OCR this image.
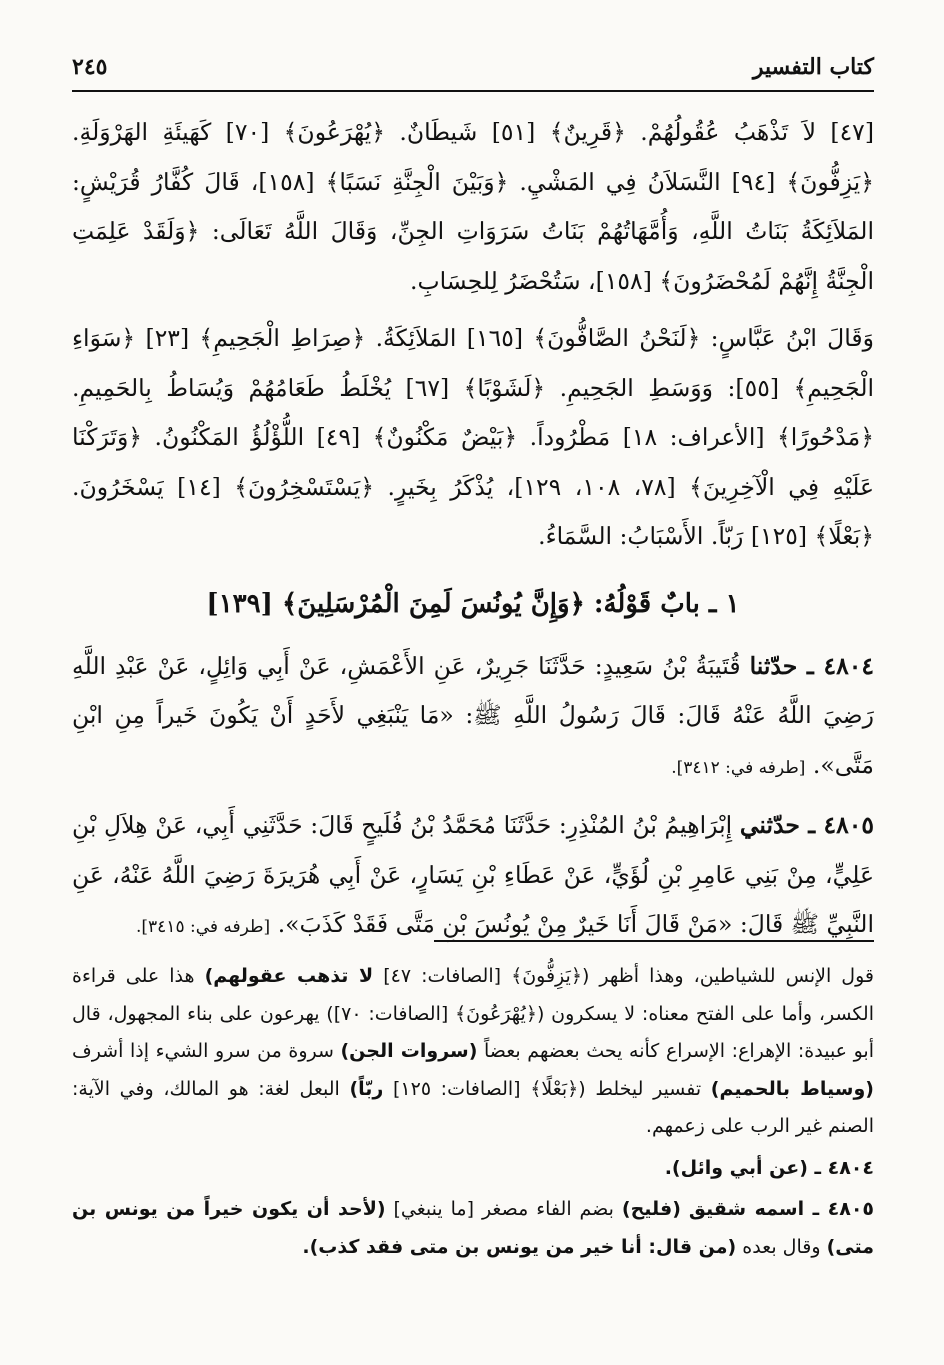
كتاب التفسير
٢٤٥

[٤٧] لاَ تَذْهَبُ عُقُولُهُمْ. ﴿قَرِينٌ﴾ [٥١] شَيطَانٌ. ﴿يُهْرَعُونَ﴾ [٧٠] كَهَيئَةِ الهَرْوَلَةِ. ﴿يَزِفُّونَ﴾ [٩٤] النَّسَلاَنُ فِي المَشْيِ. ﴿وَبَيْنَ الْجِنَّةِ نَسَبًا﴾ [١٥٨]، قَالَ كُفَّارُ قُرَيْشٍ: المَلاَئِكَةُ بَنَاتُ اللَّهِ، وَأُمَّهَاتُهُمْ بَنَاتُ سَرَوَاتِ الجِنِّ، وَقَالَ اللَّهُ تَعَالَى: ﴿وَلَقَدْ عَلِمَتِ الْجِنَّةُ إِنَّهُمْ لَمُحْضَرُونَ﴾ [١٥٨]، سَتُحْضَرُ لِلحِسَابِ.

وَقَالَ ابْنُ عَبَّاسٍ: ﴿لَنَحْنُ الصَّافُّونَ﴾ [١٦٥] المَلاَئِكَةُ. ﴿صِرَاطِ الْجَحِيمِ﴾ [٢٣] ﴿سَوَاءِ الْجَحِيمِ﴾ [٥٥]: وَوَسَطِ الجَحِيمِ. ﴿لَشَوْبًا﴾ [٦٧] يُخْلَطُ طَعَامُهُمْ وَيُسَاطُ بِالحَمِيمِ. ﴿مَدْحُورًا﴾ [الأعراف: ١٨] مَطْرُوداً. ﴿بَيْضٌ مَكْنُونٌ﴾ [٤٩] اللُّؤْلُؤُ المَكْنُونُ. ﴿وَتَرَكْنَا عَلَيْهِ فِي الْآخِرِينَ﴾ [٧٨، ١٠٨، ١٢٩]، يُذْكَرُ بِخَيرٍ. ﴿يَسْتَسْخِرُونَ﴾ [١٤] يَسْخَرُونَ. ﴿بَعْلًا﴾ [١٢٥] رَبّاً. الأَسْبَابُ: السَّمَاءُ.

١ ـ بابٌ قَوْلُهُ: ﴿وَإِنَّ يُونُسَ لَمِنَ الْمُرْسَلِينَ﴾ [١٣٩]

٤٨٠٤ ـ حدّثنا قُتَيبَةُ بْنُ سَعِيدٍ: حَدَّثَنَا جَرِيرٌ، عَنِ الأَعْمَشِ، عَنْ أَبِي وَائِلٍ، عَنْ عَبْدِ اللَّهِ رَضِيَ اللَّهُ عَنْهُ قَالَ: قَالَ رَسُولُ اللَّهِ ﷺ: «مَا يَنْبَغِي لأَحَدٍ أَنْ يَكُونَ خَيراً مِنِ ابْنِ مَتَّى». [طرفه في: ٣٤١٢].

٤٨٠٥ ـ حدّثني إِبْرَاهِيمُ بْنُ المُنْذِرِ: حَدَّثَنَا مُحَمَّدُ بْنُ فُلَيحٍ قَالَ: حَدَّثَنِي أَبِي، عَنْ هِلاَلِ بْنِ عَلِيٍّ، مِنْ بَنِي عَامِرِ بْنِ لُؤَيٍّ، عَنْ عَطَاءِ بْنِ يَسَارٍ، عَنْ أَبِي هُرَيرَةَ رَضِيَ اللَّهُ عَنْهُ، عَنِ النَّبِيِّ ﷺ قَالَ: «مَنْ قَالَ أَنَا خَيرٌ مِنْ يُونُسَ بْنِ مَتَّى فَقَدْ كَذَبَ». [طرفه في: ٣٤١٥].

قول الإنس للشياطين، وهذا أظهر (﴿يَزِفُّونَ﴾ [الصافات: ٤٧] لا تذهب عقولهم) هذا على قراءة الكسر، وأما على الفتح معناه: لا يسكرون (﴿يُهْرَعُونَ﴾ [الصافات: ٧٠]) يهرعون على بناء المجهول، قال أبو عبيدة: الإهراع: الإسراع كأنه يحث بعضهم بعضاً (سروات الجن) سروة من سرو الشيء إذا أشرف (وسياط بالحميم) تفسير ليخلط (﴿بَعْلًا﴾ [الصافات: ١٢٥] ربّاً) البعل لغة: هو المالك، وفي الآية: الصنم غير الرب على زعمهم.

٤٨٠٤ ـ (عن أبي وائل).

٤٨٠٥ ـ اسمه شقيق (فليح) بضم الفاء مصغر [ما ينبغي] (لأحد أن يكون خيراً من يونس بن متى) وقال بعده (من قال: أنا خير من يونس بن متى فقد كذب).
